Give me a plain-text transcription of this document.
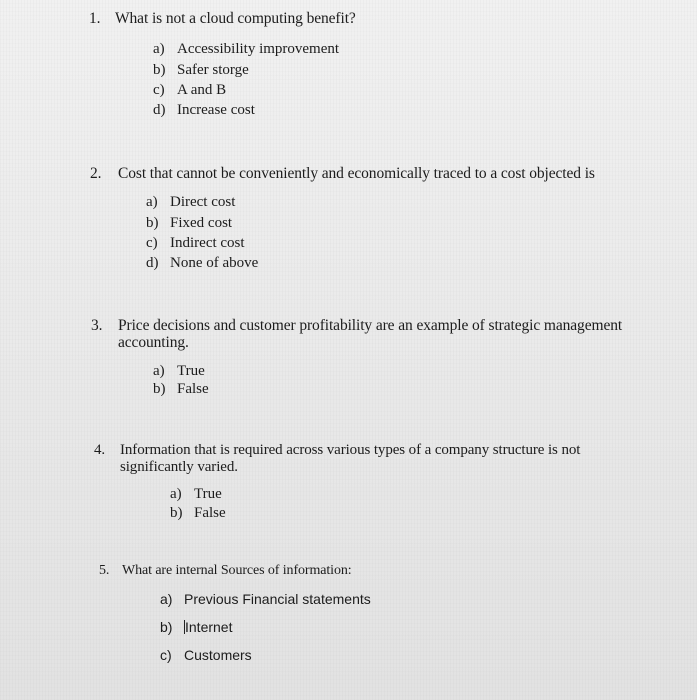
1. What is not a cloud computing benefit?
a) Accessibility improvement
b) Safer storge
c) A and B
d) Increase cost
2. Cost that cannot be conveniently and economically traced to a cost objected is
a) Direct cost
b) Fixed cost
c) Indirect cost
d) None of above
3. Price decisions and customer profitability are an example of strategic management
accounting.
a) True
b) False
4. Information that is required across various types of a company structure is not
significantly varied.
a) True
b) False
5. What are internal Sources of information:
a) Previous Financial statements
b) Internet
c) Customers
